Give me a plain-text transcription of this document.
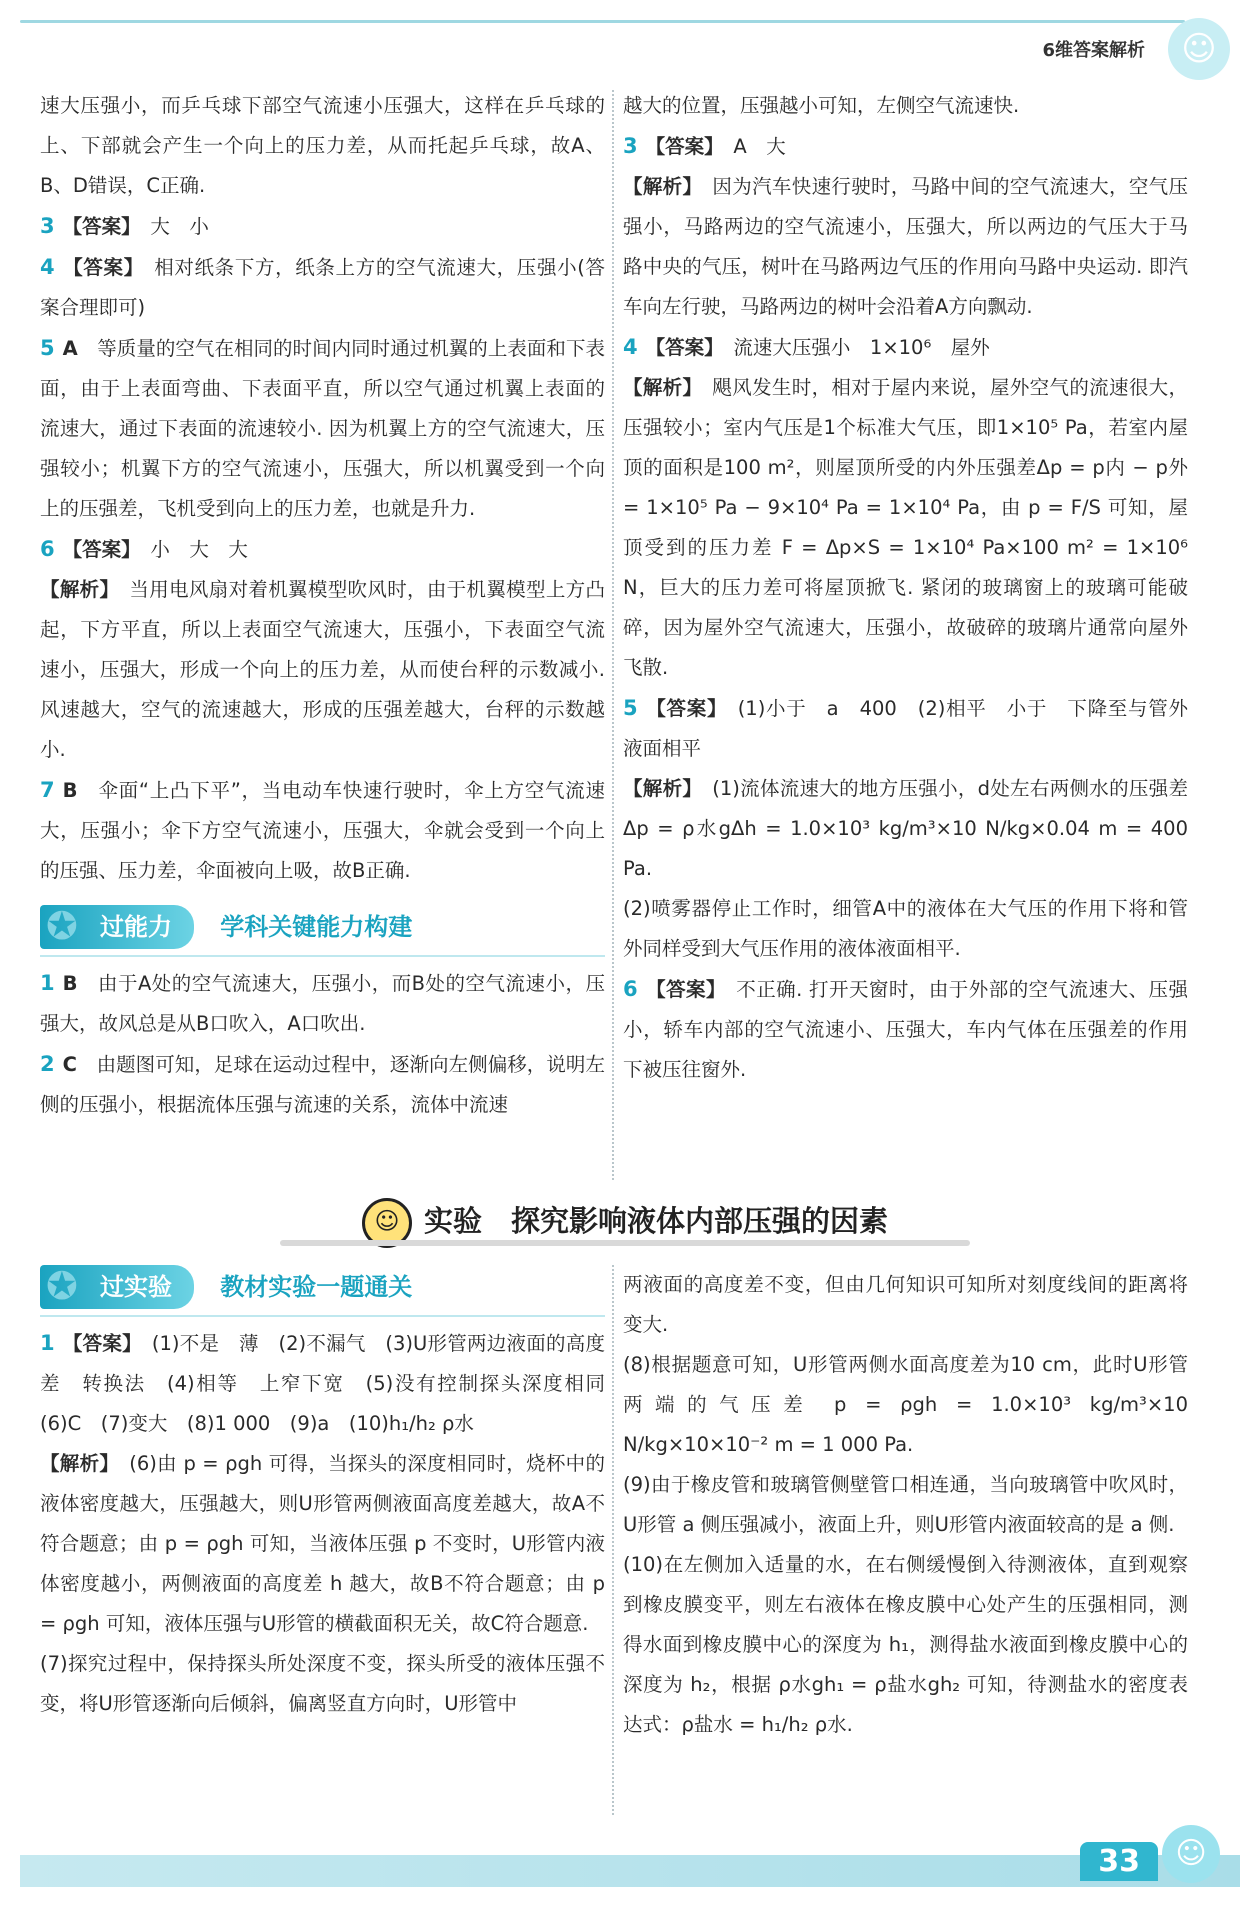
6维答案解析	☺

速大压强小，而乒乓球下部空气流速小压强大，这样在乒乓球的上、下部就会产生一个向上的压力差，从而托起乒乓球，故A、B、D错误，C正确.

3 【答案】　 大　小

4 【答案】　 相对纸条下方，纸条上方的空气流速大，压强小(答案合理即可)

5 A　 等质量的空气在相同的时间内同时通过机翼的上表面和下表面，由于上表面弯曲、下表面平直，所以空气通过机翼上表面的流速大，通过下表面的流速较小. 因为机翼上方的空气流速大，压强较小；机翼下方的空气流速小，压强大，所以机翼受到一个向上的压强差，飞机受到向上的压力差，也就是升力.

6 【答案】　 小　大　大

【解析】　 当用电风扇对着机翼模型吹风时，由于机翼模型上方凸起，下方平直，所以上表面空气流速大，压强小，下表面空气流速小，压强大，形成一个向上的压力差，从而使台秤的示数减小. 风速越大，空气的流速越大，形成的压强差越大，台秤的示数越小.

7 B　 伞面“上凸下平”，当电动车快速行驶时，伞上方空气流速大，压强小；伞下方空气流速小，压强大，伞就会受到一个向上的压强、压力差，伞面被向上吸，故B正确.

✪ 过能力 学科关键能力构建

1 B　 由于A处的空气流速大，压强小，而B处的空气流速小，压强大，故风总是从B口吹入，A口吹出.

2 C　 由题图可知，足球在运动过程中，逐渐向左侧偏移，说明左侧的压强小，根据流体压强与流速的关系，流体中流速

越大的位置，压强越小可知，左侧空气流速快.

3 【答案】　 A　大

【解析】　 因为汽车快速行驶时，马路中间的空气流速大，空气压强小，马路两边的空气流速小，压强大，所以两边的气压大于马路中央的气压，树叶在马路两边气压的作用向马路中央运动. 即汽车向左行驶，马路两边的树叶会沿着A方向飘动.

4 【答案】　 流速大压强小　1×10⁶　屋外

【解析】　 飓风发生时，相对于屋内来说，屋外空气的流速很大，压强较小；室内气压是1个标准大气压，即1×10⁵ Pa，若室内屋顶的面积是100 m²，则屋顶所受的内外压强差Δp = p内 − p外 = 1×10⁵ Pa − 9×10⁴ Pa = 1×10⁴ Pa，由 p = F/S 可知，屋顶受到的压力差 F = Δp×S = 1×10⁴ Pa×100 m² = 1×10⁶ N，巨大的压力差可将屋顶掀飞. 紧闭的玻璃窗上的玻璃可能破碎，因为屋外空气流速大，压强小，故破碎的玻璃片通常向屋外飞散.

5 【答案】　 (1)小于　a　400　(2)相平　小于　下降至与管外液面相平

【解析】　 (1)流体流速大的地方压强小，d处左右两侧水的压强差 Δp = ρ水gΔh = 1.0×10³ kg/m³×10 N/kg×0.04 m = 400 Pa.

(2)喷雾器停止工作时，细管A中的液体在大气压的作用下将和管外同样受到大气压作用的液体液面相平.

6 【答案】　 不正确. 打开天窗时，由于外部的空气流速大、压强小，轿车内部的空气流速小、压强大，车内气体在压强差的作用下被压往窗外.

☺ 实验　探究影响液体内部压强的因素
✪ 过实验 教材实验一题通关

1 【答案】　 (1)不是　薄　(2)不漏气　(3)U形管两边液面的高度差　转换法　(4)相等　上窄下宽　(5)没有控制探头深度相同　(6)C　(7)变大　(8)1 000　(9)a　(10)h₁/h₂ ρ水

【解析】　 (6)由 p = ρgh 可得，当探头的深度相同时，烧杯中的液体密度越大，压强越大，则U形管两侧液面高度差越大，故A不符合题意；由 p = ρgh 可知，当液体压强 p 不变时，U形管内液体密度越小，两侧液面的高度差 h 越大，故B不符合题意；由 p = ρgh 可知，液体压强与U形管的横截面积无关，故C符合题意.

(7)探究过程中，保持探头所处深度不变，探头所受的液体压强不变，将U形管逐渐向后倾斜，偏离竖直方向时，U形管中

两液面的高度差不变，但由几何知识可知所对刻度线间的距离将变大.

(8)根据题意可知，U形管两侧水面高度差为10 cm，此时U形管两端的气压差 p = ρgh = 1.0×10³ kg/m³×10 N/kg×10×10⁻² m = 1 000 Pa.

(9)由于橡皮管和玻璃管侧壁管口相连通，当向玻璃管中吹风时，U形管 a 侧压强减小，液面上升，则U形管内液面较高的是 a 侧.

(10)在左侧加入适量的水，在右侧缓慢倒入待测液体，直到观察到橡皮膜变平，则左右液体在橡皮膜中心处产生的压强相同，测得水面到橡皮膜中心的深度为 h₁，测得盐水液面到橡皮膜中心的深度为 h₂，根据 ρ水gh₁ = ρ盐水gh₂ 可知，待测盐水的密度表达式：ρ盐水 = h₁/h₂ ρ水.

33	☺
